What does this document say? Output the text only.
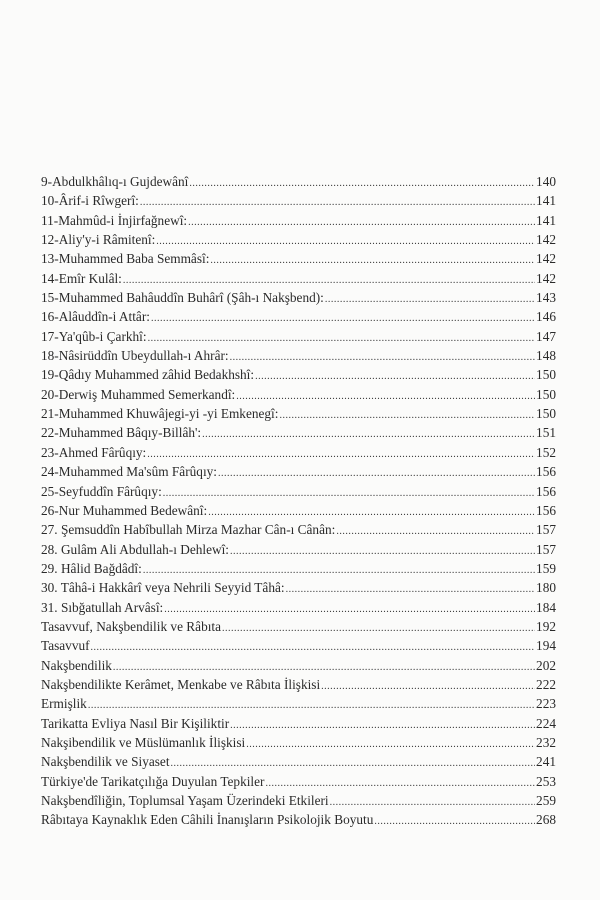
9-Abdulkhâlıq-ı Gujdewânî .....	140
10-Ârif-i Rîwgerî: .....	141
11-Mahmûd-i İnjirfağnewî: .....	141
12-Aliy'y-i Râmitenî: .....	142
13-Muhammed Baba Semmâsî: .....	142
14-Emîr Kulâl: .....	142
15-Muhammed Bahâuddîn Buhârî (Şâh-ı Nakşbend): .....	143
16-Alâuddîn-i Attâr: .....	146
17-Ya'qûb-i Çarkhî: .....	147
18-Nâsirüddîn Ubeydullah-ı Ahrâr: .....	148
19-Qâdıy Muhammed zâhid Bedakhshî: .....	150
20-Derwiş Muhammed Semerkandî: .....	150
21-Muhammed Khuwâjegi-yi -yi Emkenegî: .....	150
22-Muhammed Bâqıy-Billâh': .....	151
23-Ahmed Fârûqıy: .....	152
24-Muhammed Ma'sûm Fârûqıy: .....	156
25-Seyfuddîn Fârûqıy: .....	156
26-Nur Muhammed Bedewânî: .....	156
27. Şemsuddîn Habîbullah Mirza Mazhar Cân-ı Cânân: .....	157
28. Gulâm Ali Abdullah-ı Dehlewî: .....	157
29. Hâlid Bağdâdî: .....	159
30. Tâhâ-i Hakkârî veya Nehrili Seyyid Tâhâ: .....	180
31. Sıbğatullah Arvâsî: .....	184
Tasavvuf, Nakşbendilik ve Râbıta .....	192
Tasavvuf .....	194
Nakşbendilik .....	202
Nakşbendilikte Kerâmet, Menkabe ve Râbıta İlişkisi .....	222
Ermişlik .....	223
Tarikatta Evliya Nasıl Bir Kişiliktir .....	224
Nakşibendilik ve Müslümanlık İlişkisi .....	232
Nakşbendilik ve Siyaset .....	241
Türkiye'de Tarikatçılığa Duyulan Tepkiler .....	253
Nakşbendîliğin, Toplumsal Yaşam Üzerindeki Etkileri .....	259
Râbıtaya Kaynaklık Eden Câhili İnanışların Psikolojik Boyutu .....	268
